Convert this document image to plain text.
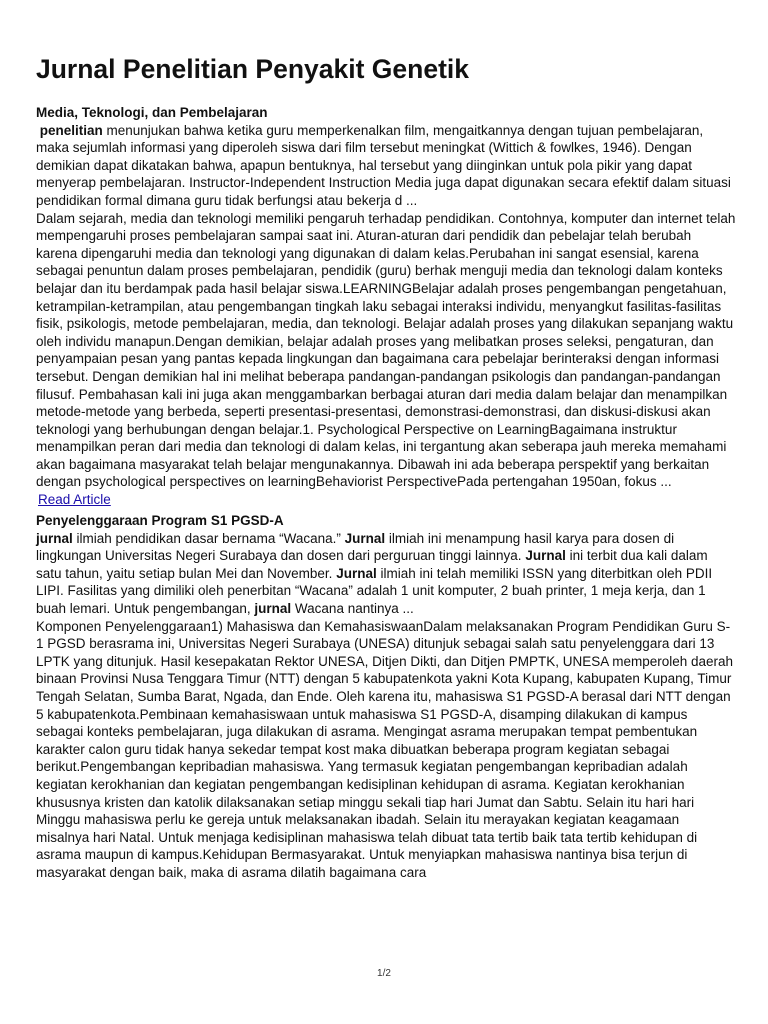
Jurnal Penelitian Penyakit Genetik
Media, Teknologi, dan Pembelajaran

penelitian menunjukan bahwa ketika guru memperkenalkan film, mengaitkannya dengan tujuan pembelajaran, maka sejumlah informasi yang diperoleh siswa dari film tersebut meningkat (Wittich & fowlkes, 1946). Dengan demikian dapat dikatakan bahwa, apapun bentuknya, hal tersebut yang diinginkan untuk pola pikir yang dapat menyerap pembelajaran. Instructor-Independent Instruction Media juga dapat digunakan secara efektif dalam situasi pendidikan formal dimana guru tidak berfungsi atau bekerja d ...

Dalam sejarah, media dan teknologi memiliki pengaruh terhadap pendidikan. Contohnya, komputer dan internet telah mempengaruhi proses pembelajaran sampai saat ini. Aturan-aturan dari pendidik dan pebelajar telah berubah karena dipengaruhi media dan teknologi yang digunakan di dalam kelas.Perubahan ini sangat esensial, karena sebagai penuntun dalam proses pembelajaran, pendidik (guru) berhak menguji media dan teknologi dalam konteks belajar dan itu berdampak pada hasil belajar siswa.LEARNINGBelajar adalah proses pengembangan pengetahuan, ketrampilan-ketrampilan, atau pengembangan tingkah laku sebagai interaksi individu, menyangkut fasilitas-fasilitas fisik, psikologis, metode pembelajaran, media, dan teknologi. Belajar adalah proses yang dilakukan sepanjang waktu oleh individu manapun.Dengan demikian, belajar adalah proses yang melibatkan proses seleksi, pengaturan, dan penyampaian pesan yang pantas kepada lingkungan dan bagaimana cara pebelajar berinteraksi dengan informasi tersebut. Dengan demikian hal ini melihat beberapa pandangan-pandangan psikologis dan pandangan-pandangan filusuf. Pembahasan kali ini juga akan menggambarkan berbagai aturan dari media dalam belajar dan menampilkan metode-metode yang berbeda, seperti presentasi-presentasi, demonstrasi-demonstrasi, dan diskusi-diskusi akan teknologi yang berhubungan dengan belajar.1. Psychological Perspective on LearningBagaimana instruktur menampilkan peran dari media dan teknologi di dalam kelas, ini tergantung akan seberapa jauh mereka memahami akan bagaimana masyarakat telah belajar mengunakannya. Dibawah ini ada beberapa perspektif yang berkaitan dengan psychological perspectives on learningBehaviorist PerspectivePada pertengahan 1950an, fokus ...

Read Article
Penyelenggaraan Program S1 PGSD-A

jurnal ilmiah pendidikan dasar bernama “Wacana.” Jurnal ilmiah ini menampung hasil karya para dosen di lingkungan Universitas Negeri Surabaya dan dosen dari perguruan tinggi lainnya. Jurnal ini terbit dua kali dalam satu tahun, yaitu setiap bulan Mei dan November. Jurnal ilmiah ini telah memiliki ISSN yang diterbitkan oleh PDII LIPI. Fasilitas yang dimiliki oleh penerbitan “Wacana” adalah 1 unit komputer, 2 buah printer, 1 meja kerja, dan 1 buah lemari. Untuk pengembangan, jurnal Wacana nantinya ...

Komponen Penyelenggaraan1) Mahasiswa dan KemahasiswaanDalam melaksanakan Program Pendidikan Guru S-1 PGSD berasrama ini, Universitas Negeri Surabaya (UNESA) ditunjuk sebagai salah satu penyelenggara dari 13 LPTK yang ditunjuk. Hasil kesepakatan Rektor UNESA, Ditjen Dikti, dan Ditjen PMPTK, UNESA memperoleh daerah binaan Provinsi Nusa Tenggara Timur (NTT) dengan 5 kabupatenkota yakni Kota Kupang, kabupaten Kupang, Timur Tengah Selatan, Sumba Barat, Ngada, dan Ende. Oleh karena itu, mahasiswa S1 PGSD-A berasal dari NTT dengan 5 kabupatenkota.Pembinaan kemahasiswaan untuk mahasiswa S1 PGSD-A, disamping dilakukan di kampus sebagai konteks pembelajaran, juga dilakukan di asrama. Mengingat asrama merupakan tempat pembentukan karakter calon guru tidak hanya sekedar tempat kost maka dibuatkan beberapa program kegiatan sebagai berikut.Pengembangan kepribadian mahasiswa. Yang termasuk kegiatan pengembangan kepribadian adalah kegiatan kerokhanian dan kegiatan pengembangan kedisiplinan kehidupan di asrama. Kegiatan kerokhanian khususnya kristen dan katolik dilaksanakan setiap minggu sekali tiap hari Jumat dan Sabtu. Selain itu hari hari Minggu mahasiswa perlu ke gereja untuk melaksanakan ibadah. Selain itu merayakan kegiatan keagamaan misalnya hari Natal. Untuk menjaga kedisiplinan mahasiswa telah dibuat tata tertib baik tata tertib kehidupan di asrama maupun di kampus.Kehidupan Bermasyarakat. Untuk menyiapkan mahasiswa nantinya bisa terjun di masyarakat dengan baik, maka di asrama dilatih bagaimana cara

1/2
